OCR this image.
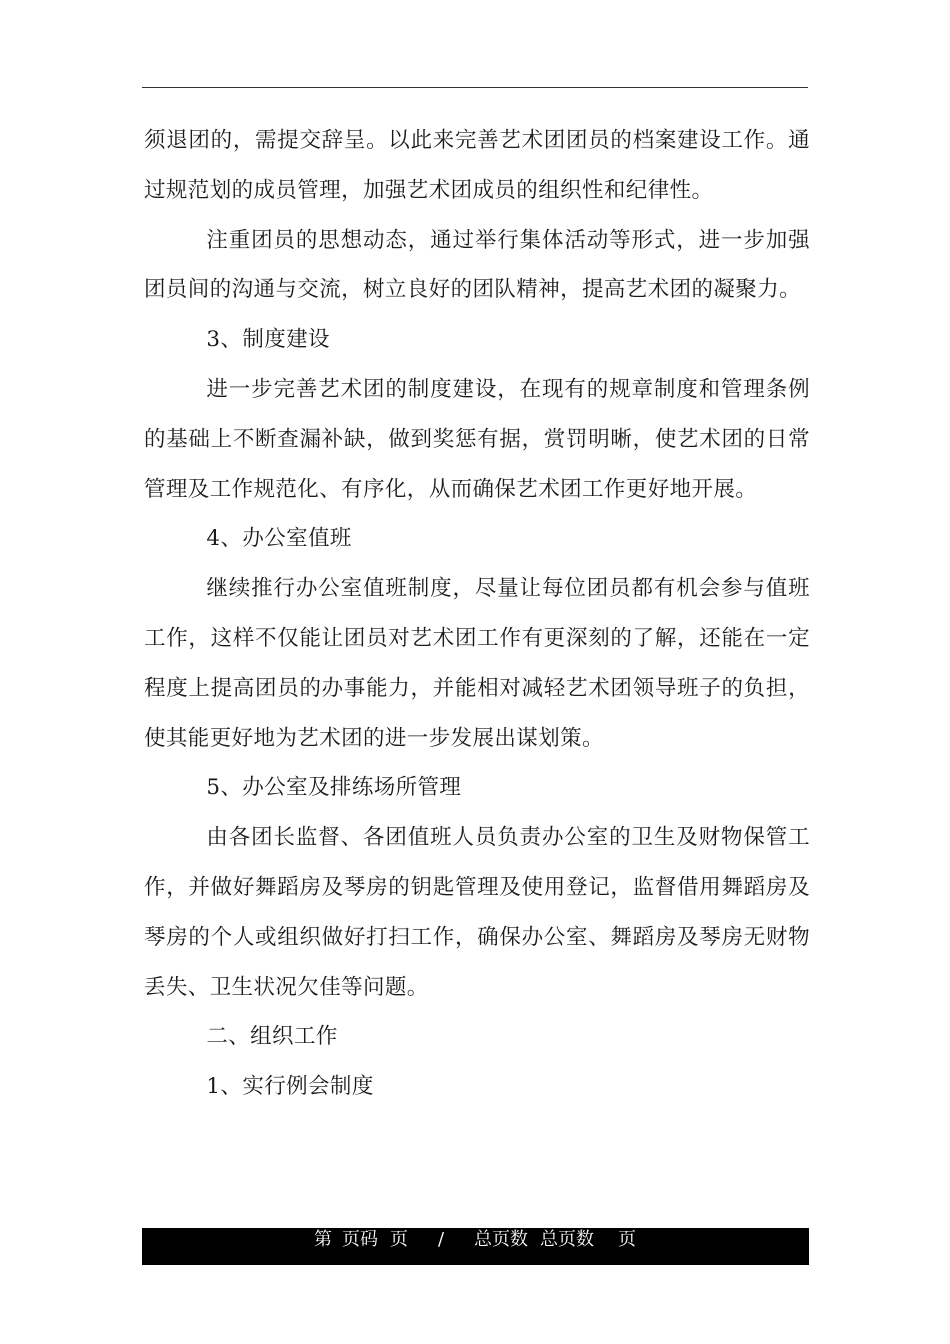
须退团的，需提交辞呈。以此来完善艺术团团员的档案建设工作。通过规范划的成员管理，加强艺术团成员的组织性和纪律性。

注重团员的思想动态，通过举行集体活动等形式，进一步加强团员间的沟通与交流，树立良好的团队精神，提高艺术团的凝聚力。

3、制度建设

进一步完善艺术团的制度建设，在现有的规章制度和管理条例的基础上不断查漏补缺，做到奖惩有据，赏罚明晰，使艺术团的日常管理及工作规范化、有序化，从而确保艺术团工作更好地开展。

4、办公室值班

继续推行办公室值班制度，尽量让每位团员都有机会参与值班工作，这样不仅能让团员对艺术团工作有更深刻的了解，还能在一定程度上提高团员的办事能力，并能相对减轻艺术团领导班子的负担，使其能更好地为艺术团的进一步发展出谋划策。

5、办公室及排练场所管理

由各团长监督、各团值班人员负责办公室的卫生及财物保管工作，并做好舞蹈房及琴房的钥匙管理及使用登记，监督借用舞蹈房及琴房的个人或组织做好打扫工作，确保办公室、舞蹈房及琴房无财物丢失、卫生状况欠佳等问题。

二、组织工作

1、实行例会制度

第 页码 页 / 总页数 总页数 页
